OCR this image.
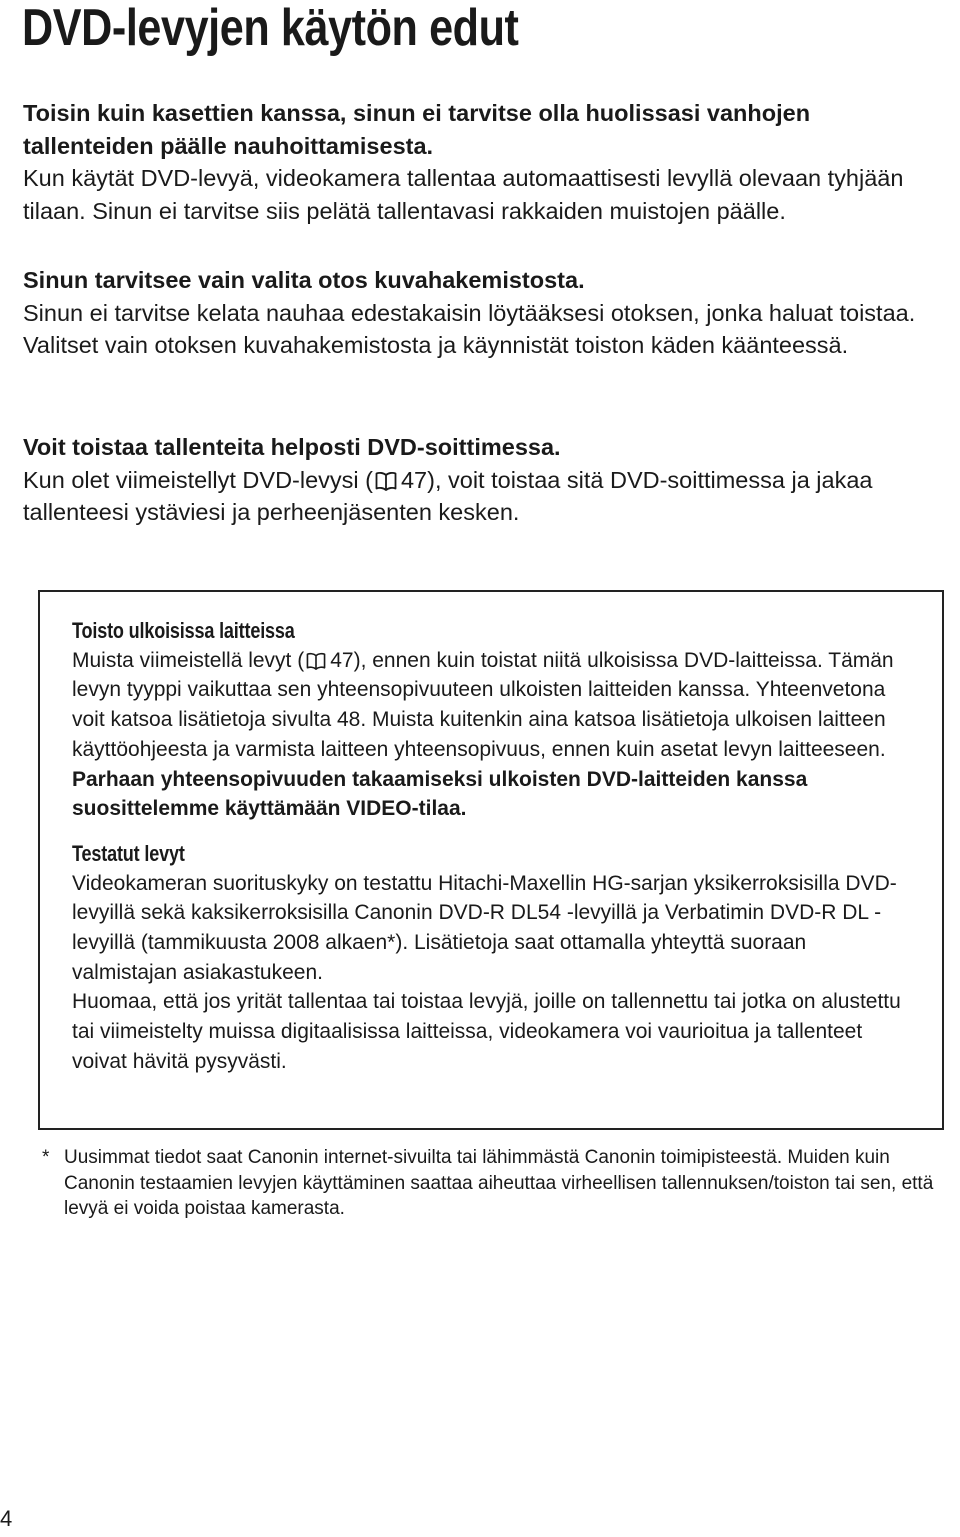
DVD-levyjen käytön edut

Toisin kuin kasettien kanssa, sinun ei tarvitse olla huolissasi vanhojen tallenteiden päälle nauhoittamisesta.

Kun käytät DVD-levyä, videokamera tallentaa automaattisesti levyllä olevaan tyhjään tilaan. Sinun ei tarvitse siis pelätä tallentavasi rakkaiden muistojen päälle.

Sinun tarvitsee vain valita otos kuvahakemistosta.

Sinun ei tarvitse kelata nauhaa edestakaisin löytääksesi otoksen, jonka haluat toistaa. Valitset vain otoksen kuvahakemistosta ja käynnistät toiston käden käänteessä.

Voit toistaa tallenteita helposti DVD-soittimessa.

Kun olet viimeistellyt DVD-levysi ( 47), voit toistaa sitä DVD-soittimessa ja jakaa tallenteesi ystäviesi ja perheenjäsenten kesken.

Toisto ulkoisissa laitteissa

Muista viimeistellä levyt ( 47), ennen kuin toistat niitä ulkoisissa DVD-laitteissa. Tämän levyn tyyppi vaikuttaa sen yhteensopivuuteen ulkoisten laitteiden kanssa. Yhteenvetona voit katsoa lisätietoja sivulta 48. Muista kuitenkin aina katsoa lisätietoja ulkoisen laitteen käyttöohjeesta ja varmista laitteen yhteensopivuus, ennen kuin asetat levyn laitteeseen.

Parhaan yhteensopivuuden takaamiseksi ulkoisten DVD-laitteiden kanssa suosittelemme käyttämään VIDEO-tilaa.

Testatut levyt

Videokameran suorituskyky on testattu Hitachi-Maxellin HG-sarjan yksikerroksisilla DVD-levyillä sekä kaksikerroksisilla Canonin DVD-R DL54 -levyillä ja Verbatimin DVD-R DL -levyillä (tammikuusta 2008 alkaen*). Lisätietoja saat ottamalla yhteyttä suoraan valmistajan asiakastukeen.

Huomaa, että jos yrität tallentaa tai toistaa levyjä, joille on tallennettu tai jotka on alustettu tai viimeistelty muissa digitaalisissa laitteissa, videokamera voi vaurioitua ja tallenteet voivat hävitä pysyvästi.

* Uusimmat tiedot saat Canonin internet-sivuilta tai lähimmästä Canonin toimipisteestä. Muiden kuin Canonin testaamien levyjen käyttäminen saattaa aiheuttaa virheellisen tallennuksen/toiston tai sen, että levyä ei voida poistaa kamerasta.

4
